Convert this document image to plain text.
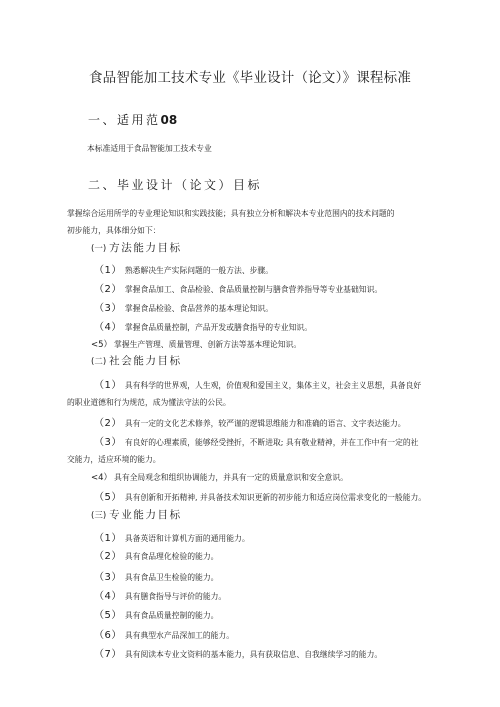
食品智能加工技术专业《毕业设计（论文）》课程标准
一、适用范08
本标准适用于食品智能加工技术专业
二、毕业设计（论文）目标
掌握综合运用所学的专业理论知识和实践技能；具有独立分析和解决本专业范围内的技术问题的
初步能力，具体细分如下：
(一) 方法能力目标
（1） 熟悉解决生产实际问题的一般方法、步骤。
（2） 掌握食品加工、食品检验、食品质量控制与膳食营养指导等专业基础知识。
（3） 掌握食品检验、食品营养的基本理论知识。
（4） 掌握食品质量控制，产品开发或膳食指导的专业知识。
<5） 掌握生产管理、质量管理、创新方法等基本理论知识。
(二) 社会能力目标
（1） 具有科学的世界观，人生观，价值观和爱国主义，集体主义，社会主义思想，具备良好
的职业道德和行为规范，成为懂法守法的公民。
（2） 具有一定的文化艺术修养，较严谨的逻辑思维能力和准确的语言、文字表达能力。
（3） 有良好的心理素质，能够经受挫折，不断进取; 具有敬业精神，并在工作中有一定的社
交能力，适应环境的能力。
<4） 具有全局观念和组织协调能力，并具有一定的质量意识和安全意识。
（5） 具有创新和开拓精神, 并具备技术知识更新的初步能力和适应岗位需求变化的一般能力。
(三) 专业能力目标
（1） 具备英语和计算机方面的通用能力。
（2） 具有食品理化检验的能力。
（3） 具有食品卫生检验的能力。
（4） 具有膳食指导与评价的能力。
（5） 具有食品质量控制的能力。
（6） 具有典型水产品深加工的能力。
（7） 具有阅读本专业文资料的基本能力，具有获取信息、自我继续学习的能力。
